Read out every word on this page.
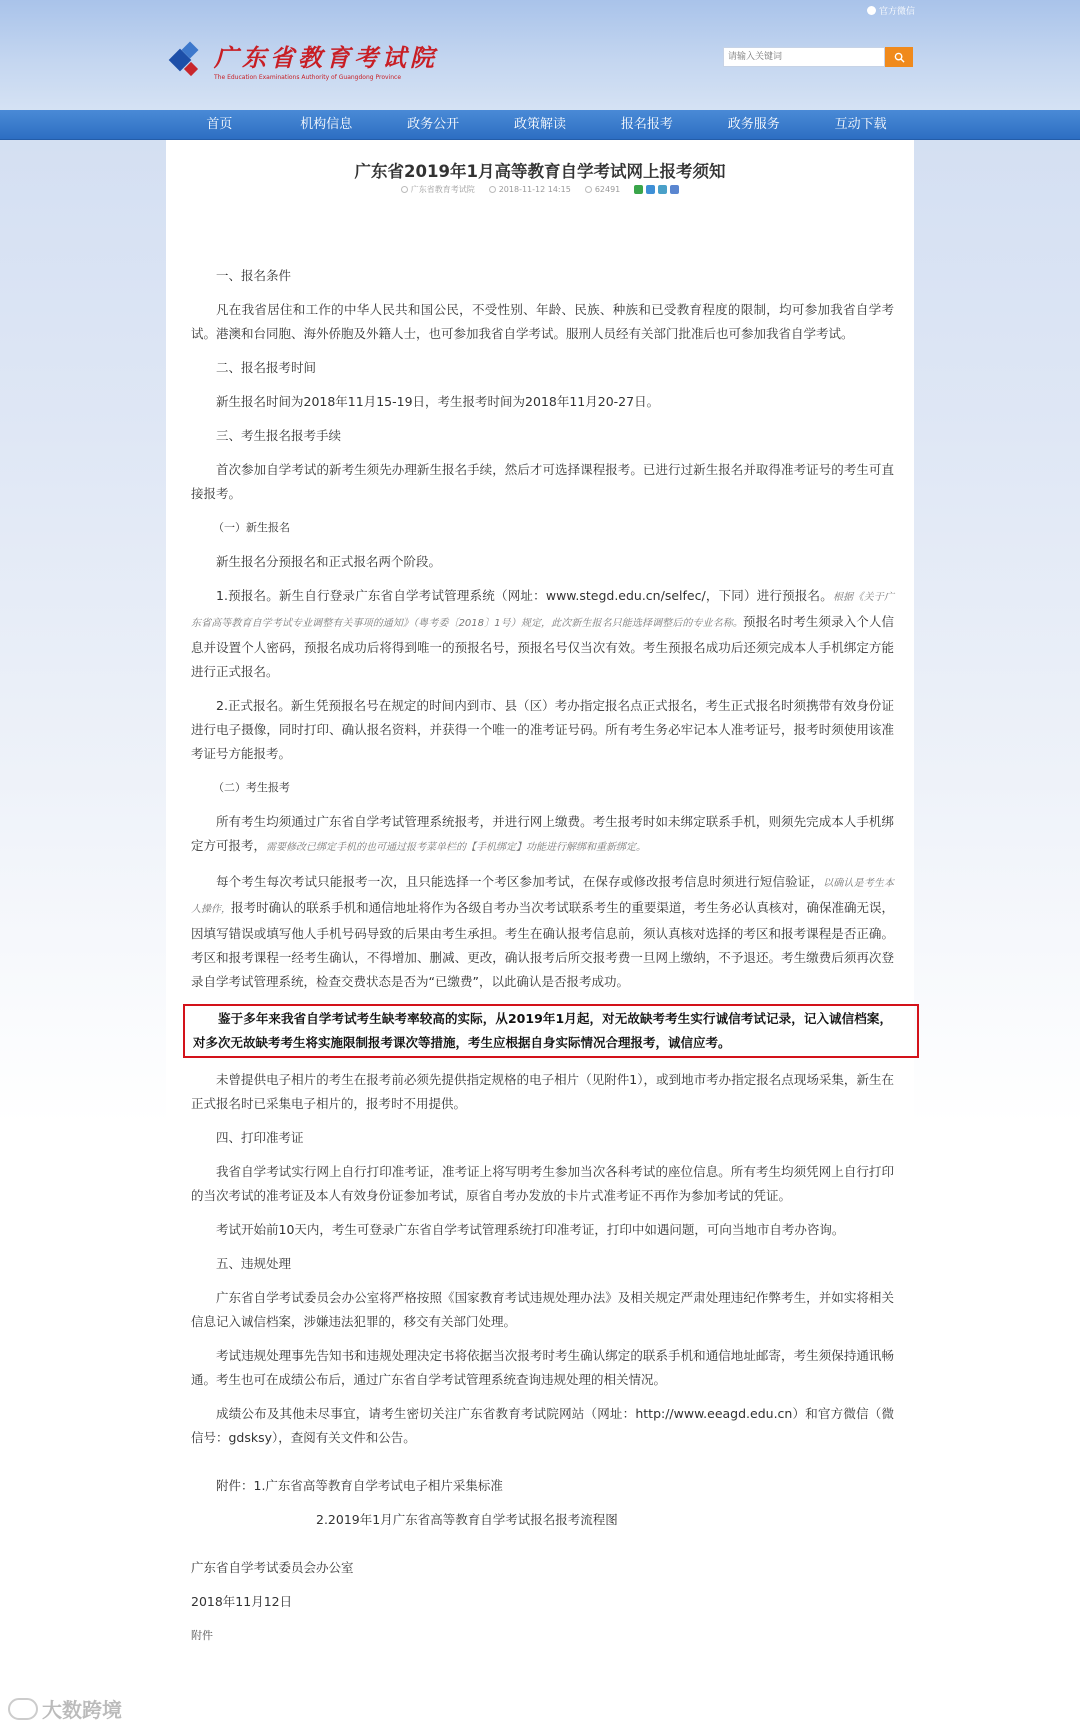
官方微信
广东省教育考试院
The Education Examinations Authority of Guangdong Province
请输入关键词
首页	机构信息	政务公开	政策解读	报名报考	政务服务	互动下载
广东省2019年1月高等教育自学考试网上报考须知
广东省教育考试院	2018-11-12 14:15	62491

一、报名条件

凡在我省居住和工作的中华人民共和国公民，不受性别、年龄、民族、种族和已受教育程度的限制，均可参加我省自学考试。港澳和台同胞、海外侨胞及外籍人士，也可参加我省自学考试。服刑人员经有关部门批准后也可参加我省自学考试。

二、报名报考时间

新生报名时间为2018年11月15-19日，考生报考时间为2018年11月20-27日。

三、考生报名报考手续

首次参加自学考试的新考生须先办理新生报名手续，然后才可选择课程报考。已进行过新生报名并取得准考证号的考生可直接报考。

（一）新生报名

新生报名分预报名和正式报名两个阶段。

1.预报名。新生自行登录广东省自学考试管理系统（网址：www.stegd.edu.cn/selfec/，下同）进行预报名。根据《关于广东省高等教育自学考试专业调整有关事项的通知》（粤考委〔2018〕1号）规定，此次新生报名只能选择调整后的专业名称。预报名时考生须录入个人信息并设置个人密码，预报名成功后将得到唯一的预报名号，预报名号仅当次有效。考生预报名成功后还须完成本人手机绑定方能进行正式报名。

2.正式报名。新生凭预报名号在规定的时间内到市、县（区）考办指定报名点正式报名，考生正式报名时须携带有效身份证进行电子摄像，同时打印、确认报名资料，并获得一个唯一的准考证号码。所有考生务必牢记本人准考证号，报考时须使用该准考证号方能报考。

（二）考生报考

所有考生均须通过广东省自学考试管理系统报考，并进行网上缴费。考生报考时如未绑定联系手机，则须先完成本人手机绑定方可报考，需要修改已绑定手机的也可通过报考菜单栏的【手机绑定】功能进行解绑和重新绑定。

每个考生每次考试只能报考一次，且只能选择一个考区参加考试，在保存或修改报考信息时须进行短信验证，以确认是考生本人操作，报考时确认的联系手机和通信地址将作为各级自考办当次考试联系考生的重要渠道，考生务必认真核对，确保准确无误，因填写错误或填写他人手机号码导致的后果由考生承担。考生在确认报考信息前，须认真核对选择的考区和报考课程是否正确。考区和报考课程一经考生确认，不得增加、删减、更改，确认报考后所交报考费一旦网上缴纳，不予退还。考生缴费后须再次登录自学考试管理系统，检查交费状态是否为“已缴费”，以此确认是否报考成功。

鉴于多年来我省自学考试考生缺考率较高的实际，从2019年1月起，对无故缺考考生实行诚信考试记录，记入诚信档案，对多次无故缺考考生将实施限制报考课次等措施，考生应根据自身实际情况合理报考，诚信应考。

未曾提供电子相片的考生在报考前必须先提供指定规格的电子相片（见附件1），或到地市考办指定报名点现场采集，新生在正式报名时已采集电子相片的，报考时不用提供。

四、打印准考证

我省自学考试实行网上自行打印准考证，准考证上将写明考生参加当次各科考试的座位信息。所有考生均须凭网上自行打印的当次考试的准考证及本人有效身份证参加考试，原省自考办发放的卡片式准考证不再作为参加考试的凭证。

考试开始前10天内，考生可登录广东省自学考试管理系统打印准考证，打印中如遇问题，可向当地市自考办咨询。

五、违规处理

广东省自学考试委员会办公室将严格按照《国家教育考试违规处理办法》及相关规定严肃处理违纪作弊考生，并如实将相关信息记入诚信档案，涉嫌违法犯罪的，移交有关部门处理。

考试违规处理事先告知书和违规处理决定书将依据当次报考时考生确认绑定的联系手机和通信地址邮寄，考生须保持通讯畅通。考生也可在成绩公布后，通过广东省自学考试管理系统查询违规处理的相关情况。

成绩公布及其他未尽事宜，请考生密切关注广东省教育考试院网站（网址：http://www.eeagd.edu.cn）和官方微信（微信号：gdsksy），查阅有关文件和公告。

附件：1.广东省高等教育自学考试电子相片采集标准

2.2019年1月广东省高等教育自学考试报名报考流程图

广东省自学考试委员会办公室

2018年11月12日

附件

大数跨境
